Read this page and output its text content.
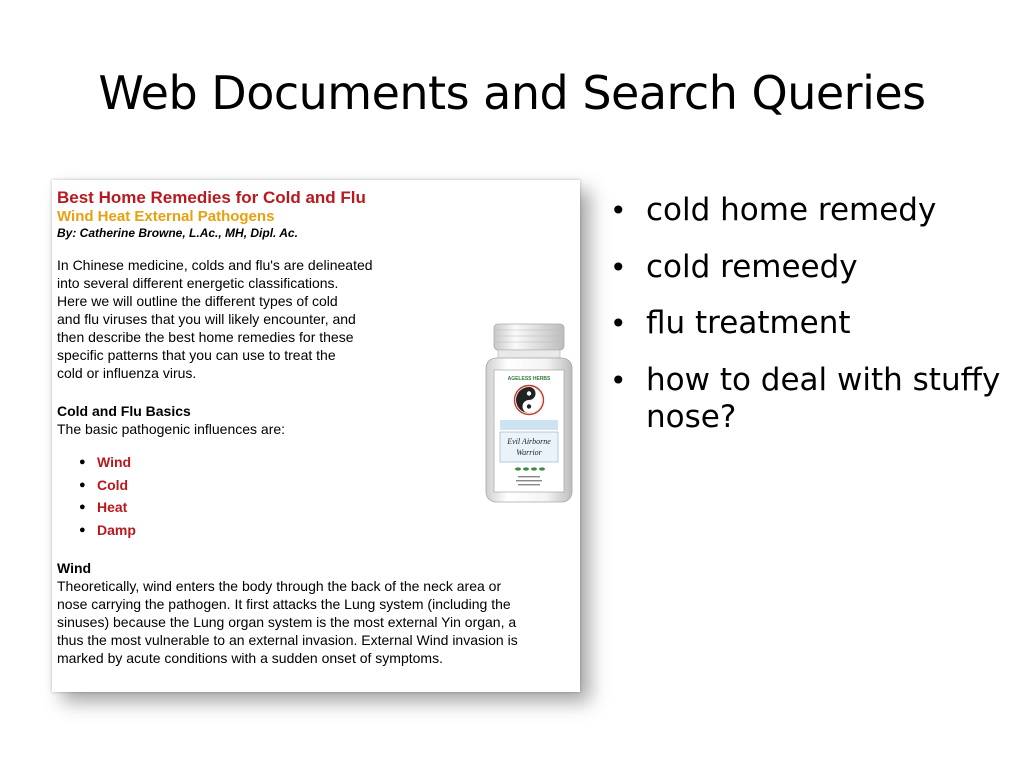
Web Documents and Search Queries
Best Home Remedies for Cold and Flu
Wind Heat External Pathogens
By: Catherine Browne, L.Ac., MH, Dipl. Ac.

In Chinese medicine, colds and flu's are delineated
into several different energetic classifications.
Here we will outline the different types of cold
and flu viruses that you will likely encounter, and
then describe the best home remedies for these
specific patterns that you can use to treat the
cold or influenza virus.

Cold and Flu Basics

The basic pathogenic influences are:

● Wind
● Cold
● Heat
● Damp
Wind

Theoretically, wind enters the body through the back of the neck area or
nose carrying the pathogen. It first attacks the Lung system (including the
sinuses) because the Lung organ system is the most external Yin organ, a
thus the most vulnerable to an external invasion. External Wind invasion is
marked by acute conditions with a sudden onset of symptoms.

AGELESS HERBS
Evil Airborne
Warrior
• cold home remedy
• cold remeedy
• flu treatment
• how to deal with stuffy nose?
